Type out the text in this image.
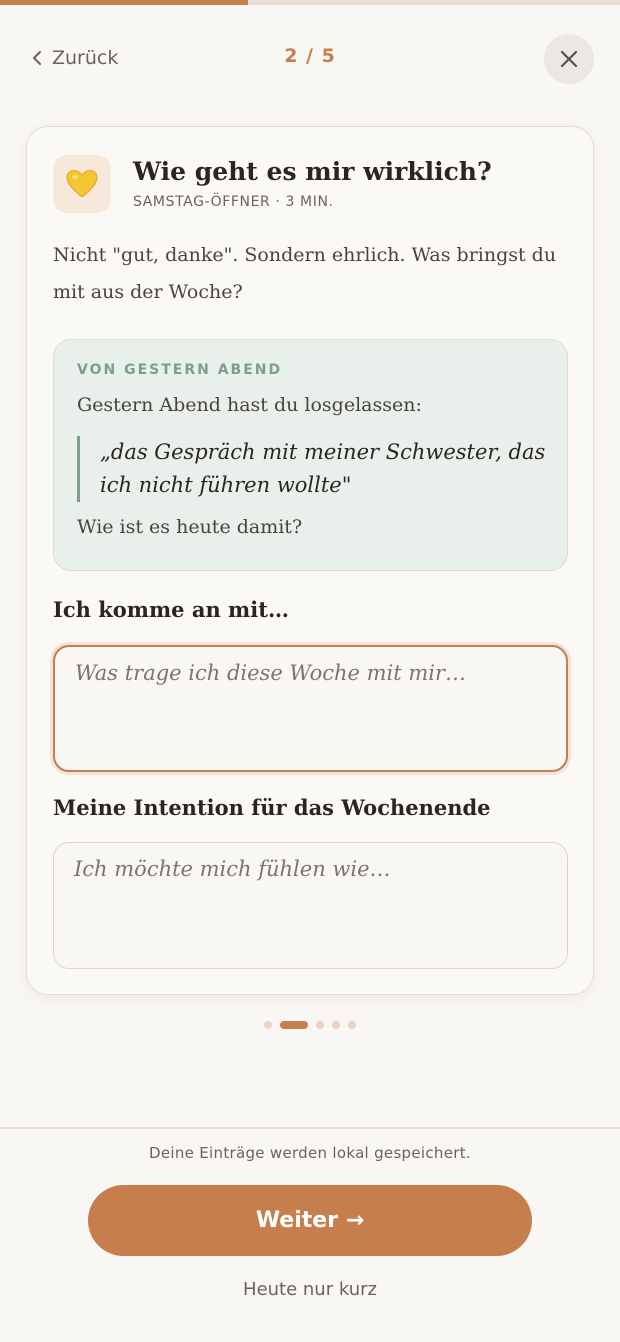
Zurück	2 / 5
Wie geht es mir wirklich?
SAMSTAG-ÖFFNER · 3 MIN.
Nicht "gut, danke". Sondern ehrlich. Was bringst du mit aus der Woche?
VON GESTERN ABEND
Gestern Abend hast du losgelassen:
„das Gespräch mit meiner Schwester, das ich nicht führen wollte"
Wie ist es heute damit?
Ich komme an mit…
Was trage ich diese Woche mit mir…
Meine Intention für das Wochenende
Ich möchte mich fühlen wie…
Deine Einträge werden lokal gespeichert.
Weiter →
Heute nur kurz
